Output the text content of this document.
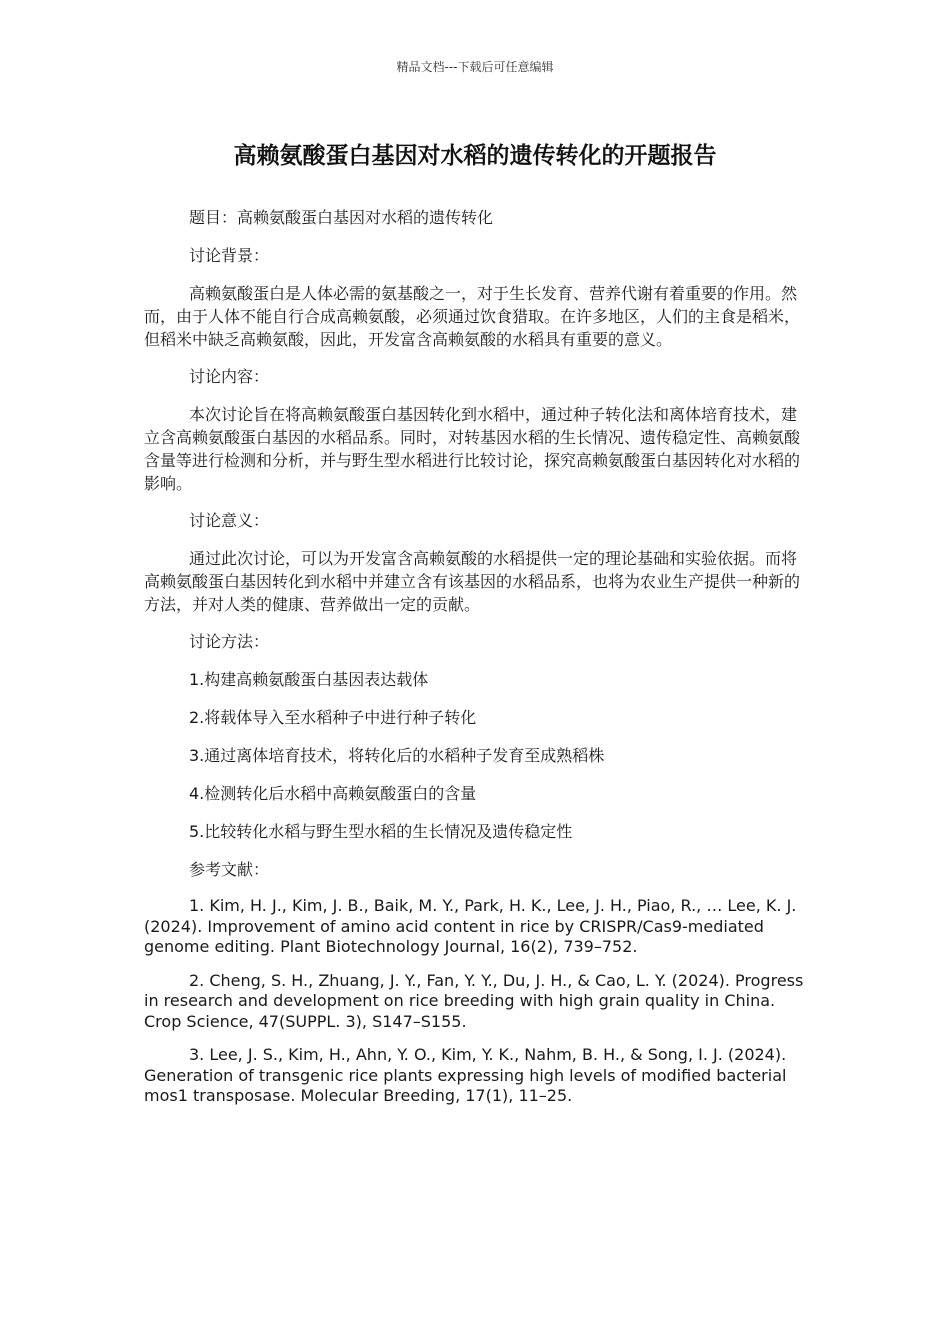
精品文档---下载后可任意编辑
高赖氨酸蛋白基因对水稻的遗传转化的开题报告

题目：高赖氨酸蛋白基因对水稻的遗传转化

讨论背景：

高赖氨酸蛋白是人体必需的氨基酸之一，对于生长发育、营养代谢有着重要的作用。然而，由于人体不能自行合成高赖氨酸，必须通过饮食猎取。在许多地区，人们的主食是稻米，但稻米中缺乏高赖氨酸，因此，开发富含高赖氨酸的水稻具有重要的意义。

讨论内容：

本次讨论旨在将高赖氨酸蛋白基因转化到水稻中，通过种子转化法和离体培育技术，建立含高赖氨酸蛋白基因的水稻品系。同时，对转基因水稻的生长情况、遗传稳定性、高赖氨酸含量等进行检测和分析，并与野生型水稻进行比较讨论，探究高赖氨酸蛋白基因转化对水稻的影响。

讨论意义：

通过此次讨论，可以为开发富含高赖氨酸的水稻提供一定的理论基础和实验依据。而将高赖氨酸蛋白基因转化到水稻中并建立含有该基因的水稻品系，也将为农业生产提供一种新的方法，并对人类的健康、营养做出一定的贡献。

讨论方法：

1.构建高赖氨酸蛋白基因表达载体

2.将载体导入至水稻种子中进行种子转化

3.通过离体培育技术，将转化后的水稻种子发育至成熟稻株

4.检测转化后水稻中高赖氨酸蛋白的含量

5.比较转化水稻与野生型水稻的生长情况及遗传稳定性

参考文献：

1. Kim, H. J., Kim, J. B., Baik, M. Y., Park, H. K., Lee, J. H., Piao, R., … Lee, K. J. (2024). Improvement of amino acid content in rice by CRISPR/Cas9-mediated genome editing. Plant Biotechnology Journal, 16(2), 739–752.

2. Cheng, S. H., Zhuang, J. Y., Fan, Y. Y., Du, J. H., & Cao, L. Y. (2024). Progress in research and development on rice breeding with high grain quality in China. Crop Science, 47(SUPPL. 3), S147–S155.

3. Lee, J. S., Kim, H., Ahn, Y. O., Kim, Y. K., Nahm, B. H., & Song, I. J. (2024). Generation of transgenic rice plants expressing high levels of modified bacterial mos1 transposase. Molecular Breeding, 17(1), 11–25.
